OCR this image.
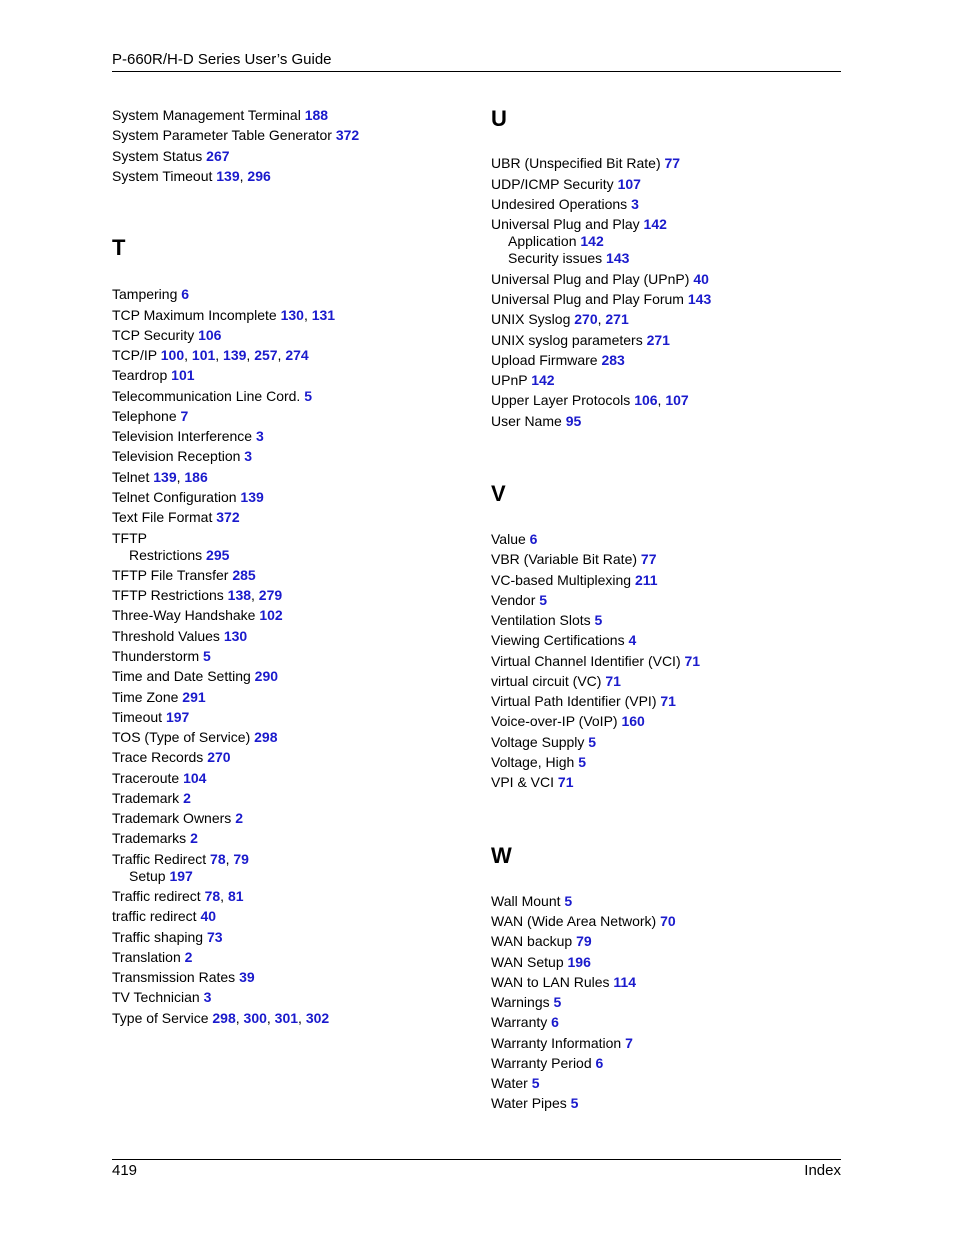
P-660R/H-D Series User’s Guide
System Management Terminal 188
System Parameter Table Generator 372
System Status 267
System Timeout 139, 296
T
Tampering 6
TCP Maximum Incomplete 130, 131
TCP Security 106
TCP/IP 100, 101, 139, 257, 274
Teardrop 101
Telecommunication Line Cord. 5
Telephone 7
Television Interference 3
Television Reception 3
Telnet 139, 186
Telnet Configuration 139
Text File Format 372
TFTP
Restrictions 295
TFTP File Transfer 285
TFTP Restrictions 138, 279
Three-Way Handshake 102
Threshold Values 130
Thunderstorm 5
Time and Date Setting 290
Time Zone 291
Timeout 197
TOS (Type of Service) 298
Trace Records 270
Traceroute 104
Trademark 2
Trademark Owners 2
Trademarks 2
Traffic Redirect 78, 79
Setup 197
Traffic redirect 78, 81
traffic redirect 40
Traffic shaping 73
Translation 2
Transmission Rates 39
TV Technician 3
Type of Service 298, 300, 301, 302
U
UBR (Unspecified Bit Rate) 77
UDP/ICMP Security 107
Undesired Operations 3
Universal Plug and Play 142
Application 142
Security issues 143
Universal Plug and Play (UPnP) 40
Universal Plug and Play Forum 143
UNIX Syslog 270, 271
UNIX syslog parameters 271
Upload Firmware 283
UPnP 142
Upper Layer Protocols 106, 107
User Name 95
V
Value 6
VBR (Variable Bit Rate) 77
VC-based Multiplexing 211
Vendor 5
Ventilation Slots 5
Viewing Certifications 4
Virtual Channel Identifier (VCI) 71
virtual circuit (VC) 71
Virtual Path Identifier (VPI) 71
Voice-over-IP (VoIP) 160
Voltage Supply 5
Voltage, High 5
VPI & VCI 71
W
Wall Mount 5
WAN (Wide Area Network) 70
WAN backup 79
WAN Setup 196
WAN to LAN Rules 114
Warnings 5
Warranty 6
Warranty Information 7
Warranty Period 6
Water 5
Water Pipes 5
419	Index
